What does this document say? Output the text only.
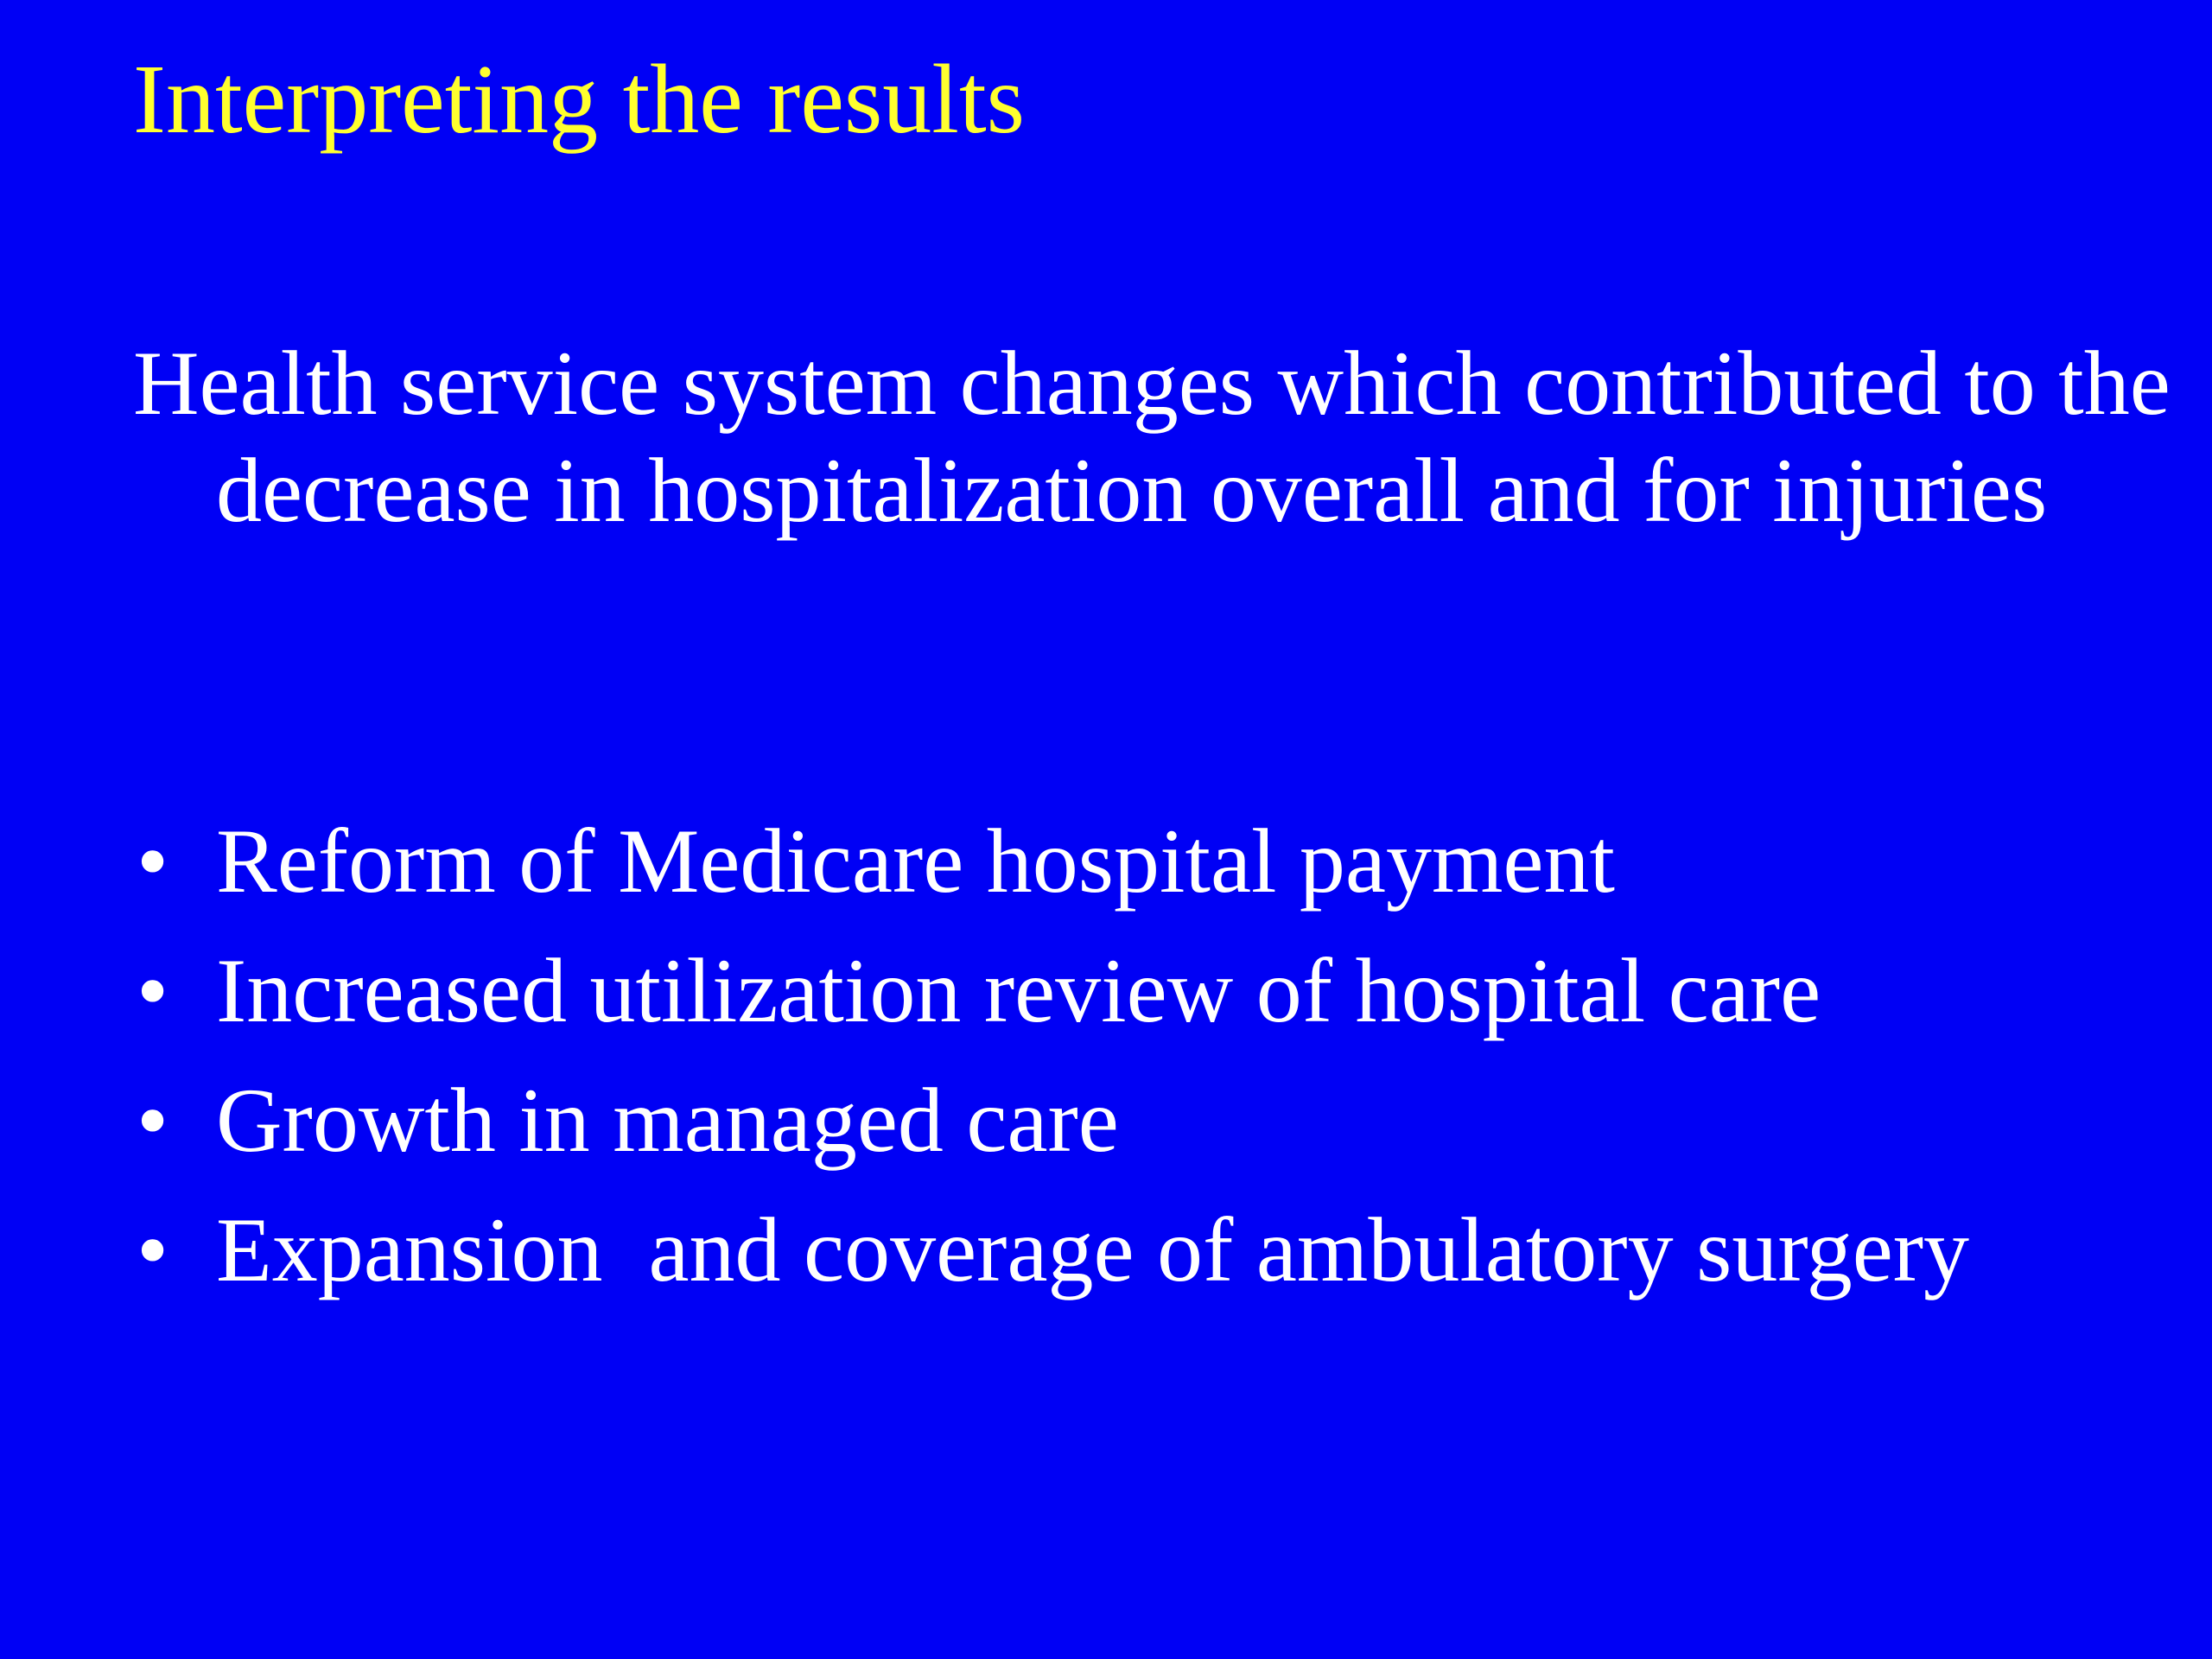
Interpreting the results

Health service system changes which contributed to the decrease in hospitalization overall and for injuries

• Reform of Medicare hospital payment
• Increased utilization review of hospital care
• Growth in managed care
• Expansion  and coverage of ambulatory surgery
